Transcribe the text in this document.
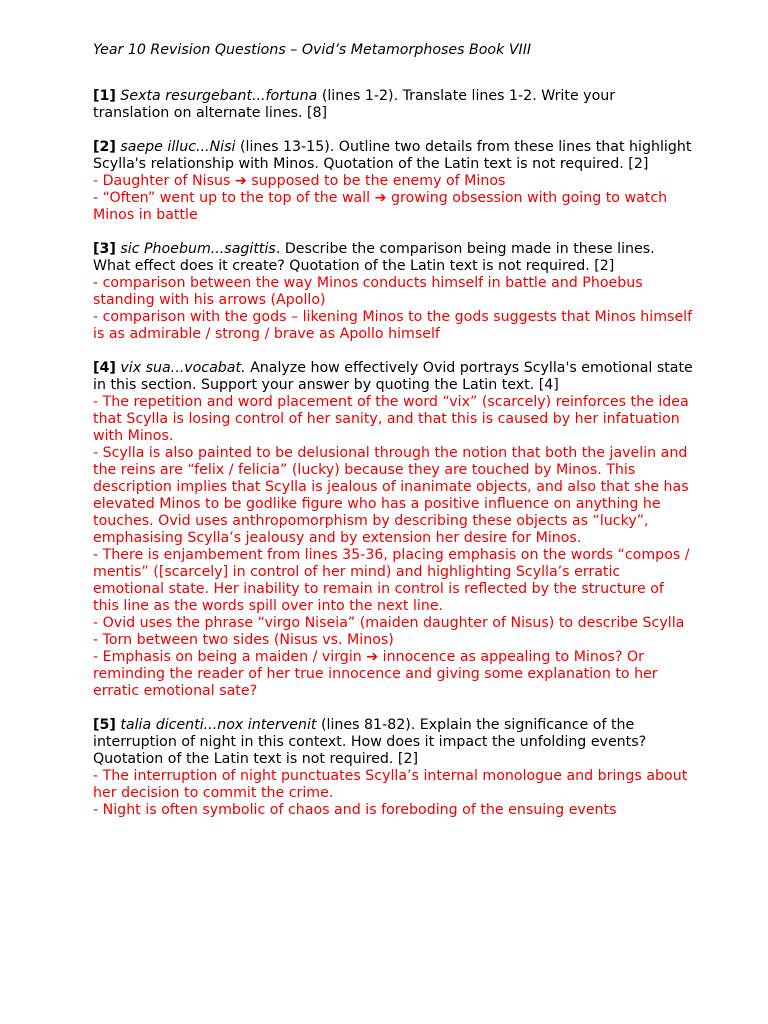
Year 10 Revision Questions – Ovid’s Metamorphoses Book VIII

[1] Sexta resurgebant...fortuna (lines 1-2). Translate lines 1-2. Write your translation on alternate lines. [8]

[2] saepe illuc...Nisi (lines 13-15). Outline two details from these lines that highlight Scylla's relationship with Minos. Quotation of the Latin text is not required. [2]

- Daughter of Nisus ➔ supposed to be the enemy of Minos

- “Often” went up to the top of the wall ➔ growing obsession with going to watch Minos in battle

[3] sic Phoebum...sagittis. Describe the comparison being made in these lines. What effect does it create? Quotation of the Latin text is not required. [2]

- comparison between the way Minos conducts himself in battle and Phoebus standing with his arrows (Apollo)

- comparison with the gods – likening Minos to the gods suggests that Minos himself is as admirable / strong / brave as Apollo himself

[4] vix sua...vocabat. Analyze how effectively Ovid portrays Scylla's emotional state in this section. Support your answer by quoting the Latin text. [4]

- The repetition and word placement of the word “vix” (scarcely) reinforces the idea that Scylla is losing control of her sanity, and that this is caused by her infatuation with Minos.

- Scylla is also painted to be delusional through the notion that both the javelin and the reins are “felix / felicia” (lucky) because they are touched by Minos. This description implies that Scylla is jealous of inanimate objects, and also that she has elevated Minos to be godlike figure who has a positive influence on anything he touches. Ovid uses anthropomorphism by describing these objects as “lucky”, emphasising Scylla’s jealousy and by extension her desire for Minos.

- There is enjambement from lines 35-36, placing emphasis on the words “compos / mentis” ([scarcely] in control of her mind) and highlighting Scylla’s erratic emotional state. Her inability to remain in control is reflected by the structure of this line as the words spill over into the next line.

- Ovid uses the phrase “virgo Niseia” (maiden daughter of Nisus) to describe Scylla

- Torn between two sides (Nisus vs. Minos)

- Emphasis on being a maiden / virgin ➔ innocence as appealing to Minos? Or reminding the reader of her true innocence and giving some explanation to her erratic emotional sate?

[5] talia dicenti...nox intervenit (lines 81-82). Explain the significance of the interruption of night in this context. How does it impact the unfolding events? Quotation of the Latin text is not required. [2]

- The interruption of night punctuates Scylla’s internal monologue and brings about her decision to commit the crime.

- Night is often symbolic of chaos and is foreboding of the ensuing events
